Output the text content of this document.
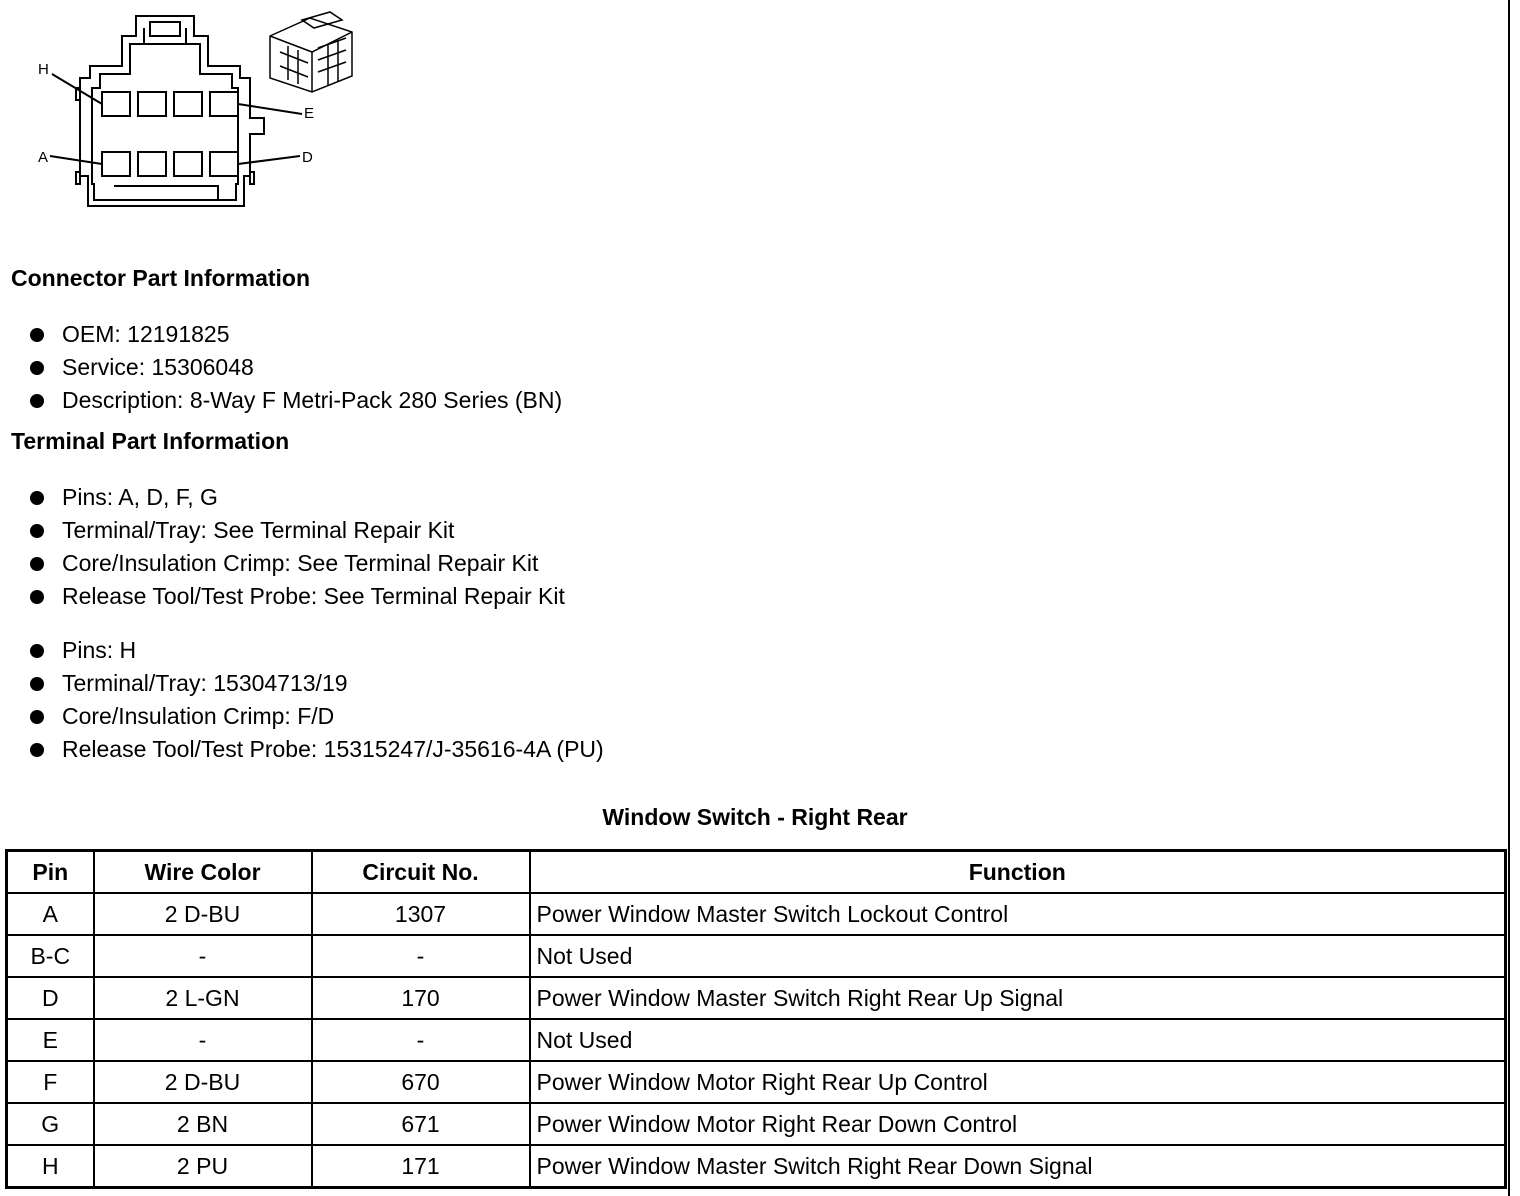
H
E
A	D
Connector Part Information
OEM: 12191825
Service: 15306048
Description: 8-Way F Metri-Pack 280 Series (BN)
Terminal Part Information
Pins: A, D, F, G
Terminal/Tray: See Terminal Repair Kit
Core/Insulation Crimp: See Terminal Repair Kit
Release Tool/Test Probe: See Terminal Repair Kit
Pins: H
Terminal/Tray: 15304713/19
Core/Insulation Crimp: F/D
Release Tool/Test Probe: 15315247/J-35616-4A (PU)
Window Switch - Right Rear
Pin	Wire Color	Circuit No.	Function
A	2 D-BU	1307	Power Window Master Switch Lockout Control
B-C	-	-	Not Used
D	2 L-GN	170	Power Window Master Switch Right Rear Up Signal
E	-	-	Not Used
F	2 D-BU	670	Power Window Motor Right Rear Up Control
G	2 BN	671	Power Window Motor Right Rear Down Control
H	2 PU	171	Power Window Master Switch Right Rear Down Signal
